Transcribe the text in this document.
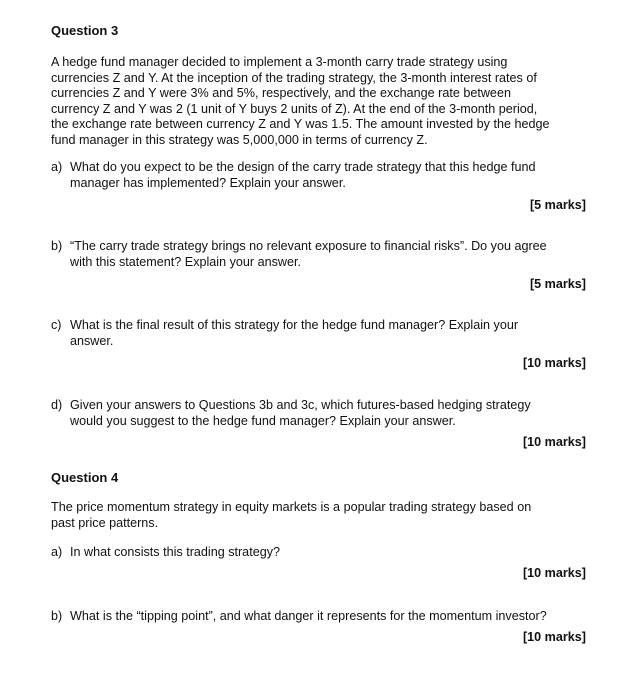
Question 3
A hedge fund manager decided to implement a 3-month carry trade strategy using
currencies Z and Y. At the inception of the trading strategy, the 3-month interest rates of
currencies Z and Y were 3% and 5%, respectively, and the exchange rate between
currency Z and Y was 2 (1 unit of Y buys 2 units of Z). At the end of the 3-month period,
the exchange rate between currency Z and Y was 1.5. The amount invested by the hedge
fund manager in this strategy was 5,000,000 in terms of currency Z.
a) What do you expect to be the design of the carry trade strategy that this hedge fund
manager has implemented? Explain your answer.
[5 marks]
b) “The carry trade strategy brings no relevant exposure to financial risks”. Do you agree
with this statement? Explain your answer.
[5 marks]
c) What is the final result of this strategy for the hedge fund manager? Explain your
answer.
[10 marks]
d) Given your answers to Questions 3b and 3c, which futures-based hedging strategy
would you suggest to the hedge fund manager? Explain your answer.
[10 marks]
Question 4
The price momentum strategy in equity markets is a popular trading strategy based on
past price patterns.
a) In what consists this trading strategy?
[10 marks]
b) What is the “tipping point”, and what danger it represents for the momentum investor?
[10 marks]
